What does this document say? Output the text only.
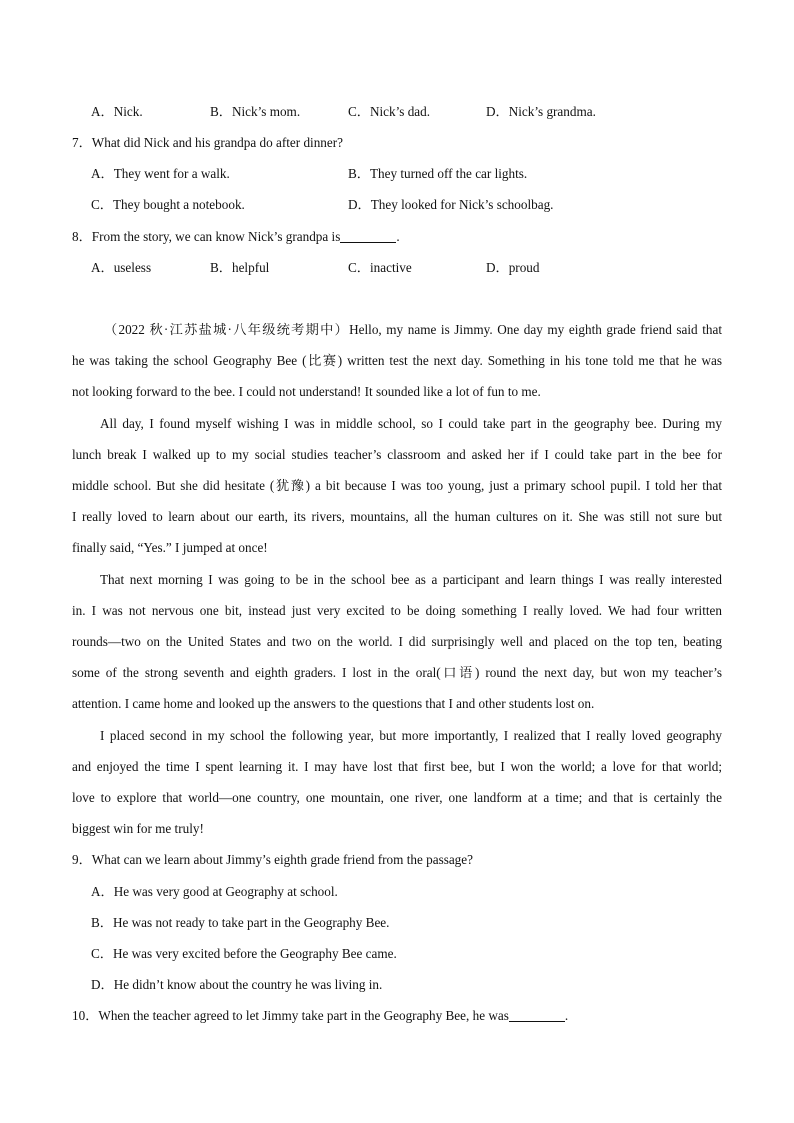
A．Nick.	B．Nick’s mom.	C．Nick’s dad.	D．Nick’s grandma.
7．What did Nick and his grandpa do after dinner?
A．They went for a walk.	B．They turned off the car lights.
C．They bought a notebook.	D．They looked for Nick’s schoolbag.
8．From the story, we can know Nick’s grandpa is	.
A．useless	B．helpful	C．inactive	D．proud
（2022 秋·江苏盐城·八年级统考期中）Hello, my name is Jimmy. One day my eighth grade friend said that
he was taking the school Geography Bee (比赛) written test the next day. Something in his tone told me that he was
not looking forward to the bee. I could not understand! It sounded like a lot of fun to me.
All day, I found myself wishing I was in middle school, so I could take part in the geography bee. During my
lunch break I walked up to my social studies teacher’s classroom and asked her if I could take part in the bee for
middle school. But she did hesitate (犹豫) a bit because I was too young, just a primary school pupil. I told her that
I really loved to learn about our earth, its rivers, mountains, all the human cultures on it. She was still not sure but
finally said, “Yes.” I jumped at once!
That next morning I was going to be in the school bee as a participant and learn things I was really interested
in. I was not nervous one bit, instead just very excited to be doing something I really loved. We had four written
rounds—two on the United States and two on the world. I did surprisingly well and placed on the top ten, beating
some of the strong seventh and eighth graders. I lost in the oral(口语) round the next day, but won my teacher’s
attention. I came home and looked up the answers to the questions that I and other students lost on.
I placed second in my school the following year, but more importantly, I realized that I really loved geography
and enjoyed the time I spent learning it. I may have lost that first bee, but I won the world; a love for that world;
love to explore that world—one country, one mountain, one river, one landform at a time; and that is certainly the
biggest win for me truly!
9．What can we learn about Jimmy’s eighth grade friend from the passage?
A．He was very good at Geography at school.
B．He was not ready to take part in the Geography Bee.
C．He was very excited before the Geography Bee came.
D．He didn’t know about the country he was living in.
10．When the teacher agreed to let Jimmy take part in the Geography Bee, he was	.
